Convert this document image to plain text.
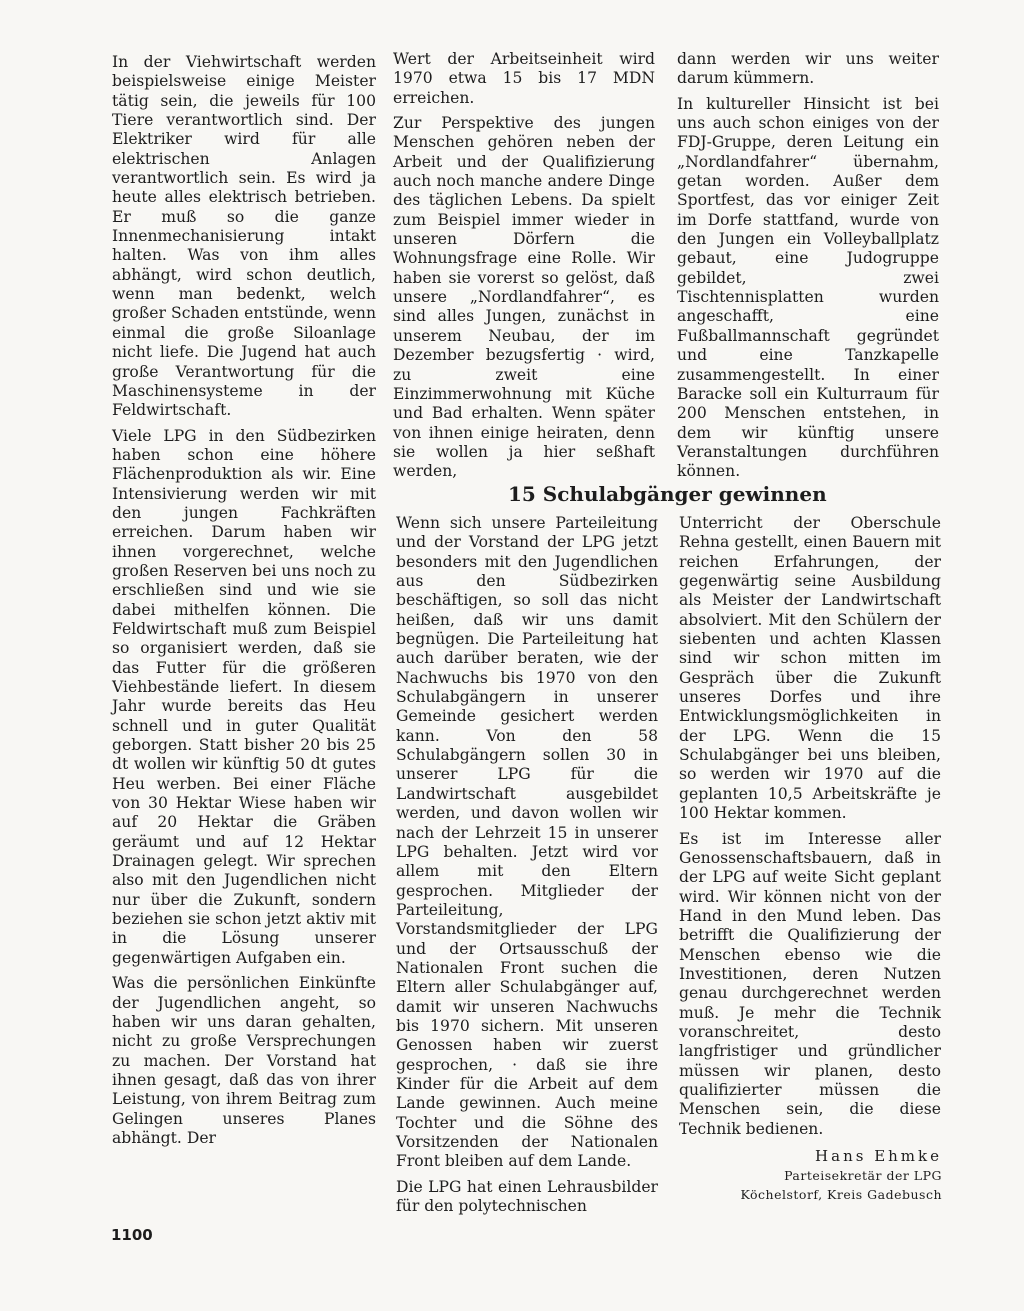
In der Viehwirtschaft werden beispielsweise einige Meister tätig sein, die jeweils für 100 Tiere verantwortlich sind. Der Elektriker wird für alle elektrischen Anlagen verantwortlich sein. Es wird ja heute alles elektrisch betrieben. Er muß so die ganze Innenmechanisierung intakt halten. Was von ihm alles abhängt, wird schon deutlich, wenn man bedenkt, welch großer Schaden entstünde, wenn einmal die große Siloanlage nicht liefe. Die Jugend hat auch große Verantwortung für die Maschinensysteme in der Feldwirtschaft.

Viele LPG in den Südbezirken haben schon eine höhere Flächenproduktion als wir. Eine Intensivierung werden wir mit den jungen Fachkräften erreichen. Darum haben wir ihnen vorgerechnet, welche großen Reserven bei uns noch zu erschließen sind und wie sie dabei mithelfen können. Die Feldwirtschaft muß zum Beispiel so organisiert werden, daß sie das Futter für die größeren Viehbestände liefert. In diesem Jahr wurde bereits das Heu schnell und in guter Qualität geborgen. Statt bisher 20 bis 25 dt wollen wir künftig 50 dt gutes Heu werben. Bei einer Fläche von 30 Hektar Wiese haben wir auf 20 Hektar die Gräben geräumt und auf 12 Hektar Drainagen gelegt. Wir sprechen also mit den Jugendlichen nicht nur über die Zukunft, sondern beziehen sie schon jetzt aktiv mit in die Lösung unserer gegenwärtigen Aufgaben ein.

Was die persönlichen Einkünfte der Jugendlichen angeht, so haben wir uns daran gehalten, nicht zu große Versprechungen zu machen. Der Vorstand hat ihnen gesagt, daß das von ihrer Leistung, von ihrem Beitrag zum Gelingen unseres Planes abhängt. Der

Wert der Arbeitseinheit wird 1970 etwa 15 bis 17 MDN erreichen.

Zur Perspektive des jungen Menschen gehören neben der Arbeit und der Qualifizierung auch noch manche andere Dinge des täglichen Lebens. Da spielt zum Beispiel immer wieder in unseren Dörfern die Wohnungsfrage eine Rolle. Wir haben sie vorerst so gelöst, daß unsere „Nordlandfahrer“, es sind alles Jungen, zunächst in unserem Neubau, der im Dezember bezugsfertig · wird, zu zweit eine Einzimmerwohnung mit Küche und Bad erhalten. Wenn später von ihnen einige heiraten, denn sie wollen ja hier seßhaft werden,

dann werden wir uns weiter darum kümmern.

In kultureller Hinsicht ist bei uns auch schon einiges von der FDJ-Gruppe, deren Leitung ein „Nordlandfahrer“ übernahm, getan worden. Außer dem Sportfest, das vor einiger Zeit im Dorfe stattfand, wurde von den Jungen ein Volleyballplatz gebaut, eine Judogruppe gebildet, zwei Tischtennisplatten wurden angeschafft, eine Fußballmannschaft gegründet und eine Tanzkapelle zusammengestellt. In einer Baracke soll ein Kulturraum für 200 Menschen entstehen, in dem wir künftig unsere Veranstaltungen durchführen können.

15 Schulabgänger gewinnen

Wenn sich unsere Parteileitung und der Vorstand der LPG jetzt besonders mit den Jugendlichen aus den Südbezirken beschäftigen, so soll das nicht heißen, daß wir uns damit begnügen. Die Parteileitung hat auch darüber beraten, wie der Nachwuchs bis 1970 von den Schulabgängern in unserer Gemeinde gesichert werden kann. Von den 58 Schulabgängern sollen 30 in unserer LPG für die Landwirtschaft ausgebildet werden, und davon wollen wir nach der Lehrzeit 15 in unserer LPG behalten. Jetzt wird vor allem mit den Eltern gesprochen. Mitglieder der Parteileitung, Vorstandsmitglieder der LPG und der Ortsausschuß der Nationalen Front suchen die Eltern aller Schulabgänger auf, damit wir unseren Nachwuchs bis 1970 sichern. Mit unseren Genossen haben wir zuerst gesprochen, · daß sie ihre Kinder für die Arbeit auf dem Lande gewinnen. Auch meine Tochter und die Söhne des Vorsitzenden der Nationalen Front bleiben auf dem Lande.

Die LPG hat einen Lehrausbilder für den polytechnischen

Unterricht der Oberschule Rehna gestellt, einen Bauern mit reichen Erfahrungen, der gegenwärtig seine Ausbildung als Meister der Landwirtschaft absolviert. Mit den Schülern der siebenten und achten Klassen sind wir schon mitten im Gespräch über die Zukunft unseres Dorfes und ihre Entwicklungsmöglichkeiten in der LPG. Wenn die 15 Schulabgänger bei uns bleiben, so werden wir 1970 auf die geplanten 10,5 Arbeitskräfte je 100 Hektar kommen.

Es ist im Interesse aller Genossenschaftsbauern, daß in der LPG auf weite Sicht geplant wird. Wir können nicht von der Hand in den Mund leben. Das betrifft die Qualifizierung der Menschen ebenso wie die Investitionen, deren Nutzen genau durchgerechnet werden muß. Je mehr die Technik voranschreitet, desto langfristiger und gründlicher müssen wir planen, desto qualifizierter müssen die Menschen sein, die diese Technik bedienen.

Hans Ehmke
Parteisekretär der LPG
Köchelstorf, Kreis Gadebusch
1100
